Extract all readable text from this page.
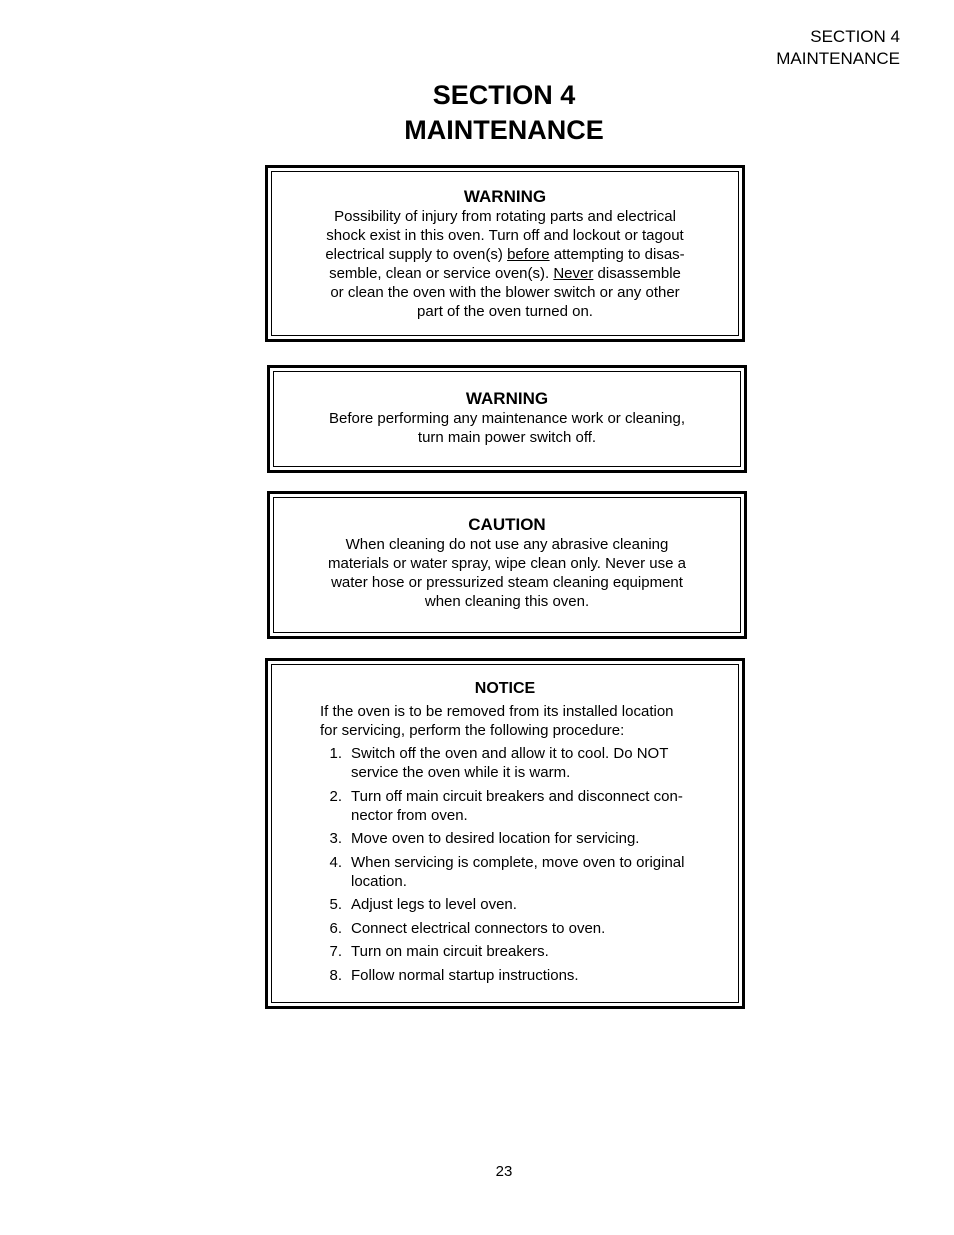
SECTION 4
MAINTENANCE
SECTION 4
MAINTENANCE
WARNING
Possibility of injury from rotating parts and electrical
shock exist in this oven. Turn off and lockout or tagout
electrical supply to oven(s) before attempting to disas-
semble, clean or service oven(s). Never disassemble
or clean the oven with the blower switch or any other
part of the oven turned on.
WARNING
Before performing any maintenance work or cleaning,
turn main power switch off.
CAUTION
When cleaning do not use any abrasive cleaning
materials or water spray, wipe clean only. Never use a
water hose or pressurized steam cleaning equipment
when cleaning this oven.
NOTICE
If the oven is to be removed from its installed location
for servicing, perform the following procedure:
1. Switch off the oven and allow it to cool. Do NOT
service the oven while it is warm.
2. Turn off main circuit breakers and disconnect con-
nector from oven.
3. Move oven to desired location for servicing.
4. When servicing is complete, move oven to original
location.
5. Adjust legs to level oven.
6. Connect electrical connectors to oven.
7. Turn on main circuit breakers.
8. Follow normal startup instructions.
23
